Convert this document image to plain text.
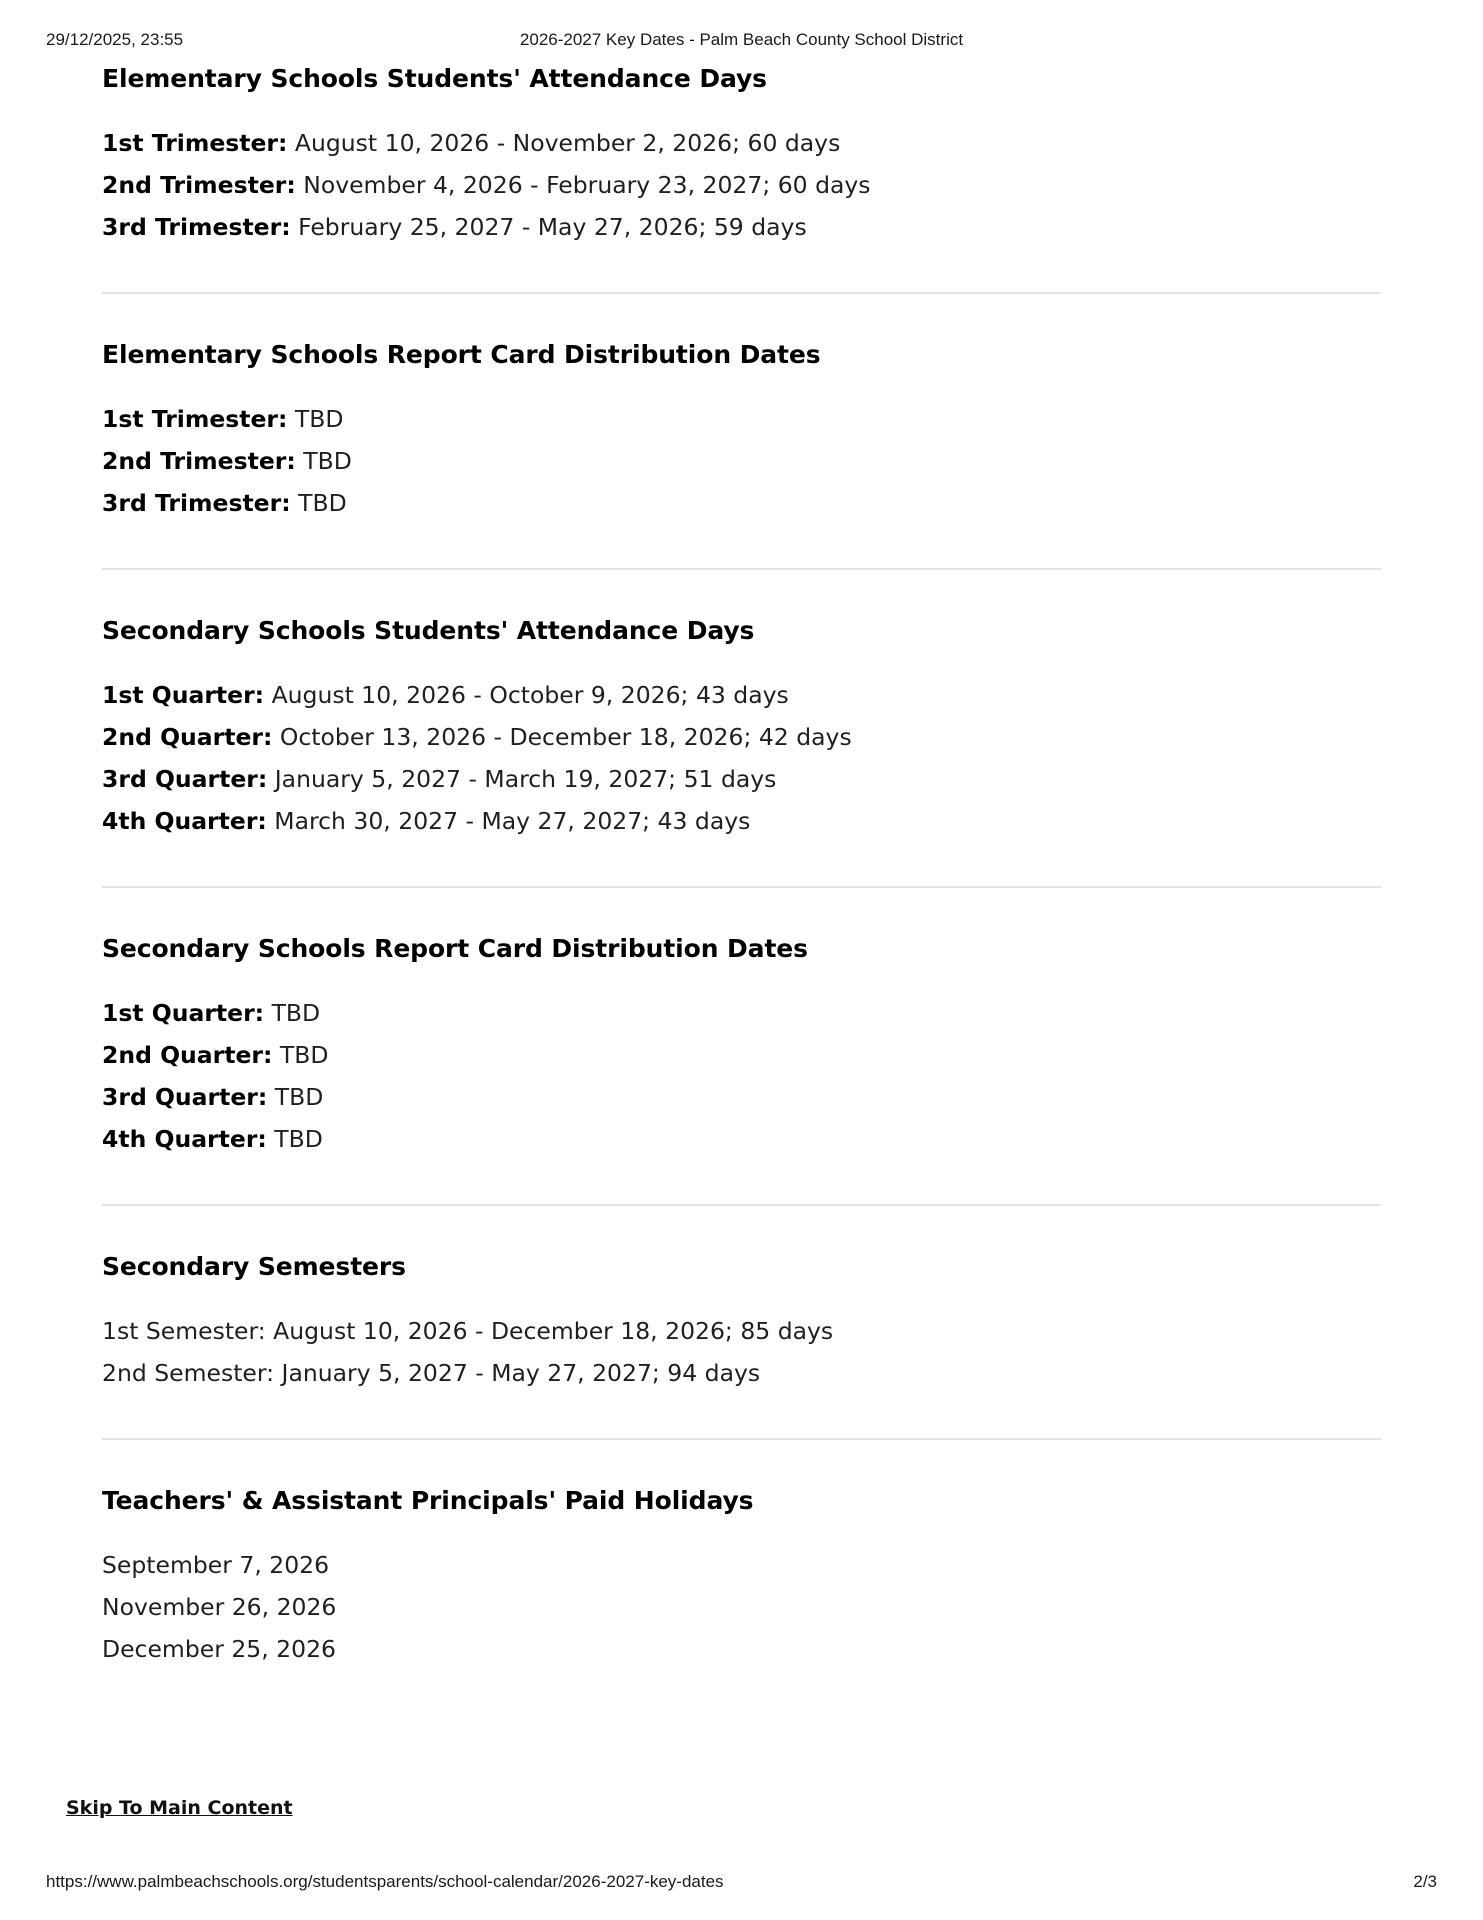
29/12/2025, 23:55	2026-2027 Key Dates - Palm Beach County School District
Elementary Schools Students' Attendance Days
1st Trimester: August 10, 2026 - November 2, 2026; 60 days
2nd Trimester: November 4, 2026 - February 23, 2027; 60 days
3rd Trimester: February 25, 2027 - May 27, 2026; 59 days
Elementary Schools Report Card Distribution Dates
1st Trimester: TBD
2nd Trimester: TBD
3rd Trimester: TBD
Secondary Schools Students' Attendance Days
1st Quarter: August 10, 2026 - October 9, 2026; 43 days
2nd Quarter: October 13, 2026 - December 18, 2026; 42 days
3rd Quarter: January 5, 2027 - March 19, 2027; 51 days
4th Quarter: March 30, 2027 - May 27, 2027; 43 days
Secondary Schools Report Card Distribution Dates
1st Quarter: TBD
2nd Quarter: TBD
3rd Quarter: TBD
4th Quarter: TBD
Secondary Semesters
1st Semester: August 10, 2026 - December 18, 2026; 85 days
2nd Semester: January 5, 2027 - May 27, 2027; 94 days
Teachers' & Assistant Principals' Paid Holidays
September 7, 2026
November 26, 2026
December 25, 2026
Skip To Main Content
https://www.palmbeachschools.org/studentsparents/school-calendar/2026-2027-key-dates	2/3
